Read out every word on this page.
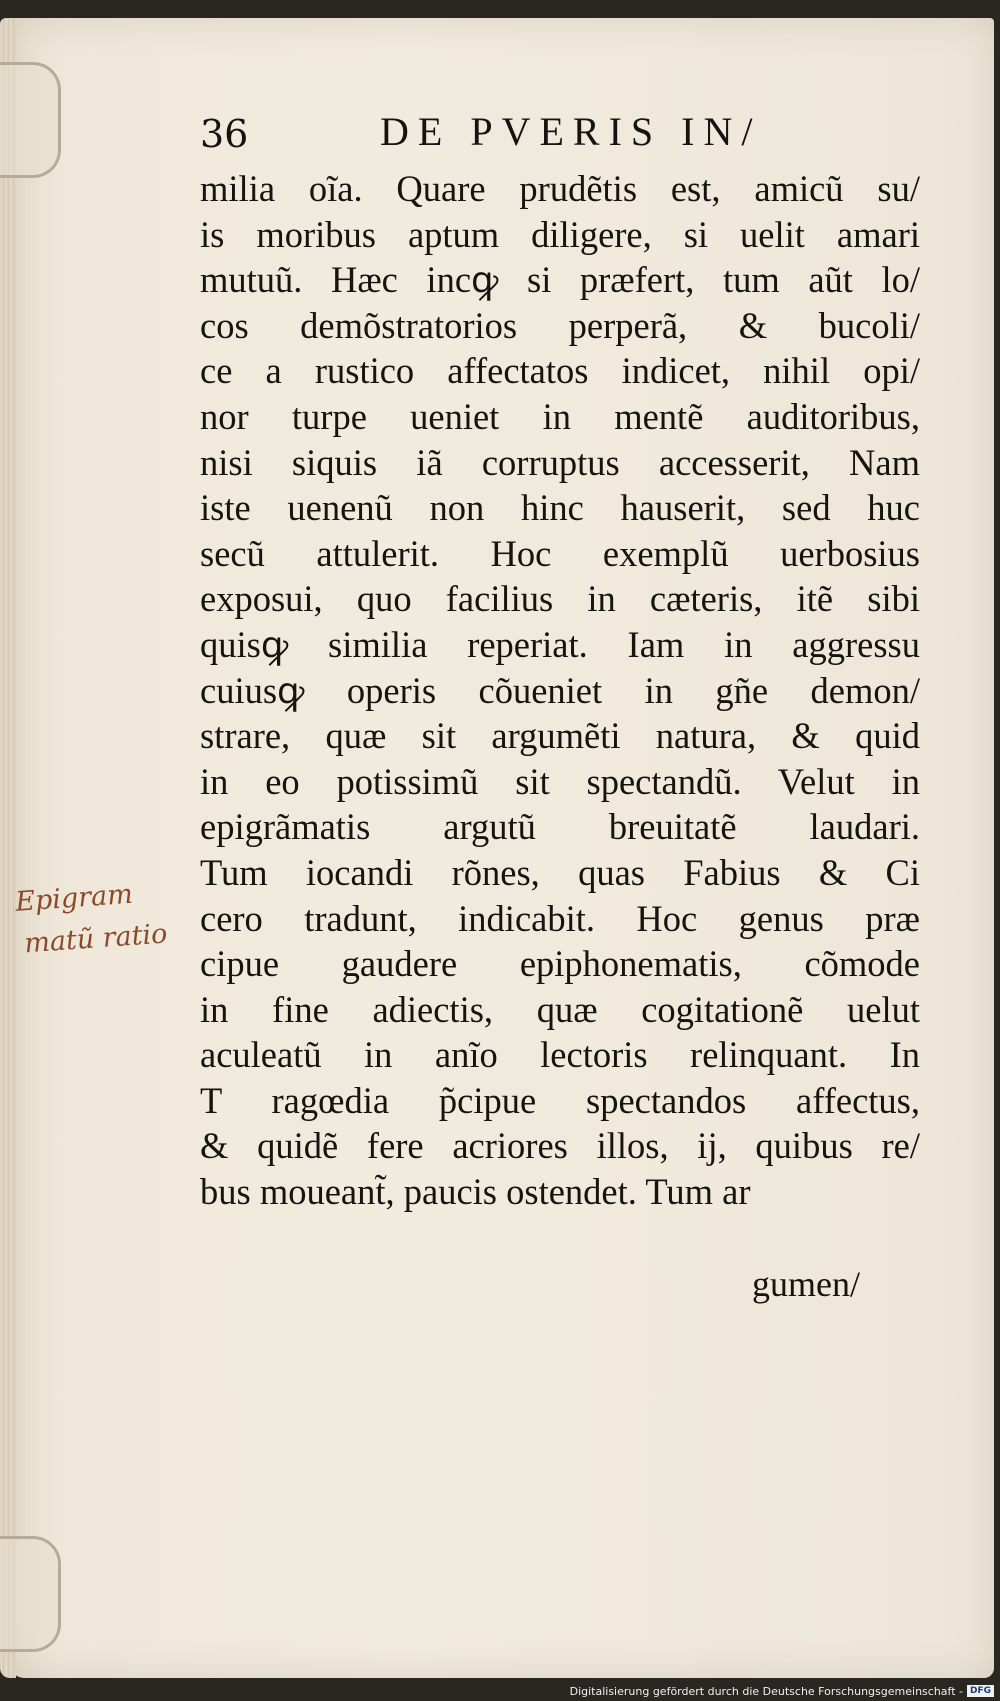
36	DE PVERIS IN/
milia oĩa. Quare prudẽtis est, amicũ su/
is moribus aptum diligere, si uelit amari
mutuũ. Hæc incꝙ si præfert, tum aũt lo/
cos demõstratorios perperã, & bucoli/
ce a rustico affectatos indicet, nihil opi/
nor turpe ueniet in mentẽ auditoribus,
nisi siquis iã corruptus accesserit, Nam
iste uenenũ non hinc hauserit, sed huc
secũ attulerit. Hoc exemplũ uerbosius
exposui, quo facilius in cæteris, itẽ sibi
quisꝙ similia reperiat. Iam in aggressu
cuiusꝙ operis cõueniet in gñe demon/
strare, quæ sit argumẽti natura, & quid
in eo potissimũ sit spectandũ. Velut in
epigrãmatis argutũ breuitatẽ laudari.
Tum iocandi rõnes, quas Fabius & Ci
cero tradunt, indicabit. Hoc genus præ
cipue gaudere epiphonematis, cõmode
in fine adiectis, quæ cogitationẽ uelut
aculeatũ in anĩo lectoris relinquant. In
T ragœdia p̃cipue spectandos affectus,
& quidẽ fere acriores illos, ij, quibus re/
bus moueant̃, paucis ostendet. Tum ar
gumen/
Epigram
matũ ratio
Digitalisierung gefördert durch die Deutsche Forschungsgemeinschaft - DFG
